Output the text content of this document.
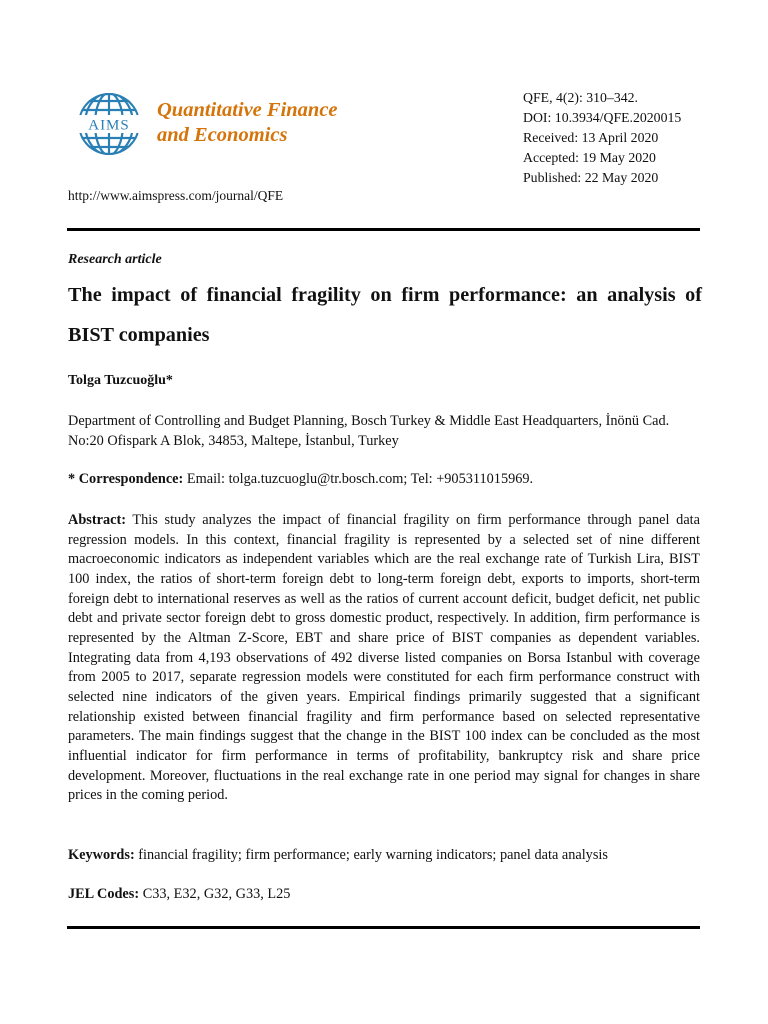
AIMS
Quantitative Finance
and Economics
QFE, 4(2): 310–342.
DOI: 10.3934/QFE.2020015
Received: 13 April 2020
Accepted: 19 May 2020
Published: 22 May 2020
http://www.aimspress.com/journal/QFE
Research article
The impact of financial fragility on firm performance: an analysis of BIST companies
Tolga Tuzcuoğlu*
Department of Controlling and Budget Planning, Bosch Turkey & Middle East Headquarters, İnönü Cad. No:20 Ofispark A Blok, 34853, Maltepe, İstanbul, Turkey
* Correspondence: Email: tolga.tuzcuoglu@tr.bosch.com; Tel: +905311015969.
Abstract: This study analyzes the impact of financial fragility on firm performance through panel data regression models. In this context, financial fragility is represented by a selected set of nine different macroeconomic indicators as independent variables which are the real exchange rate of Turkish Lira, BIST 100 index, the ratios of short-term foreign debt to long-term foreign debt, exports to imports, short-term foreign debt to international reserves as well as the ratios of current account deficit, budget deficit, net public debt and private sector foreign debt to gross domestic product, respectively. In addition, firm performance is represented by the Altman Z-Score, EBT and share price of BIST companies as dependent variables. Integrating data from 4,193 observations of 492 diverse listed companies on Borsa Istanbul with coverage from 2005 to 2017, separate regression models were constituted for each firm performance construct with selected nine indicators of the given years. Empirical findings primarily suggested that a significant relationship existed between financial fragility and firm performance based on selected representative parameters. The main findings suggest that the change in the BIST 100 index can be concluded as the most influential indicator for firm performance in terms of profitability, bankruptcy risk and share price development. Moreover, fluctuations in the real exchange rate in one period may signal for changes in share prices in the coming period.
Keywords: financial fragility; firm performance; early warning indicators; panel data analysis
JEL Codes: C33, E32, G32, G33, L25
